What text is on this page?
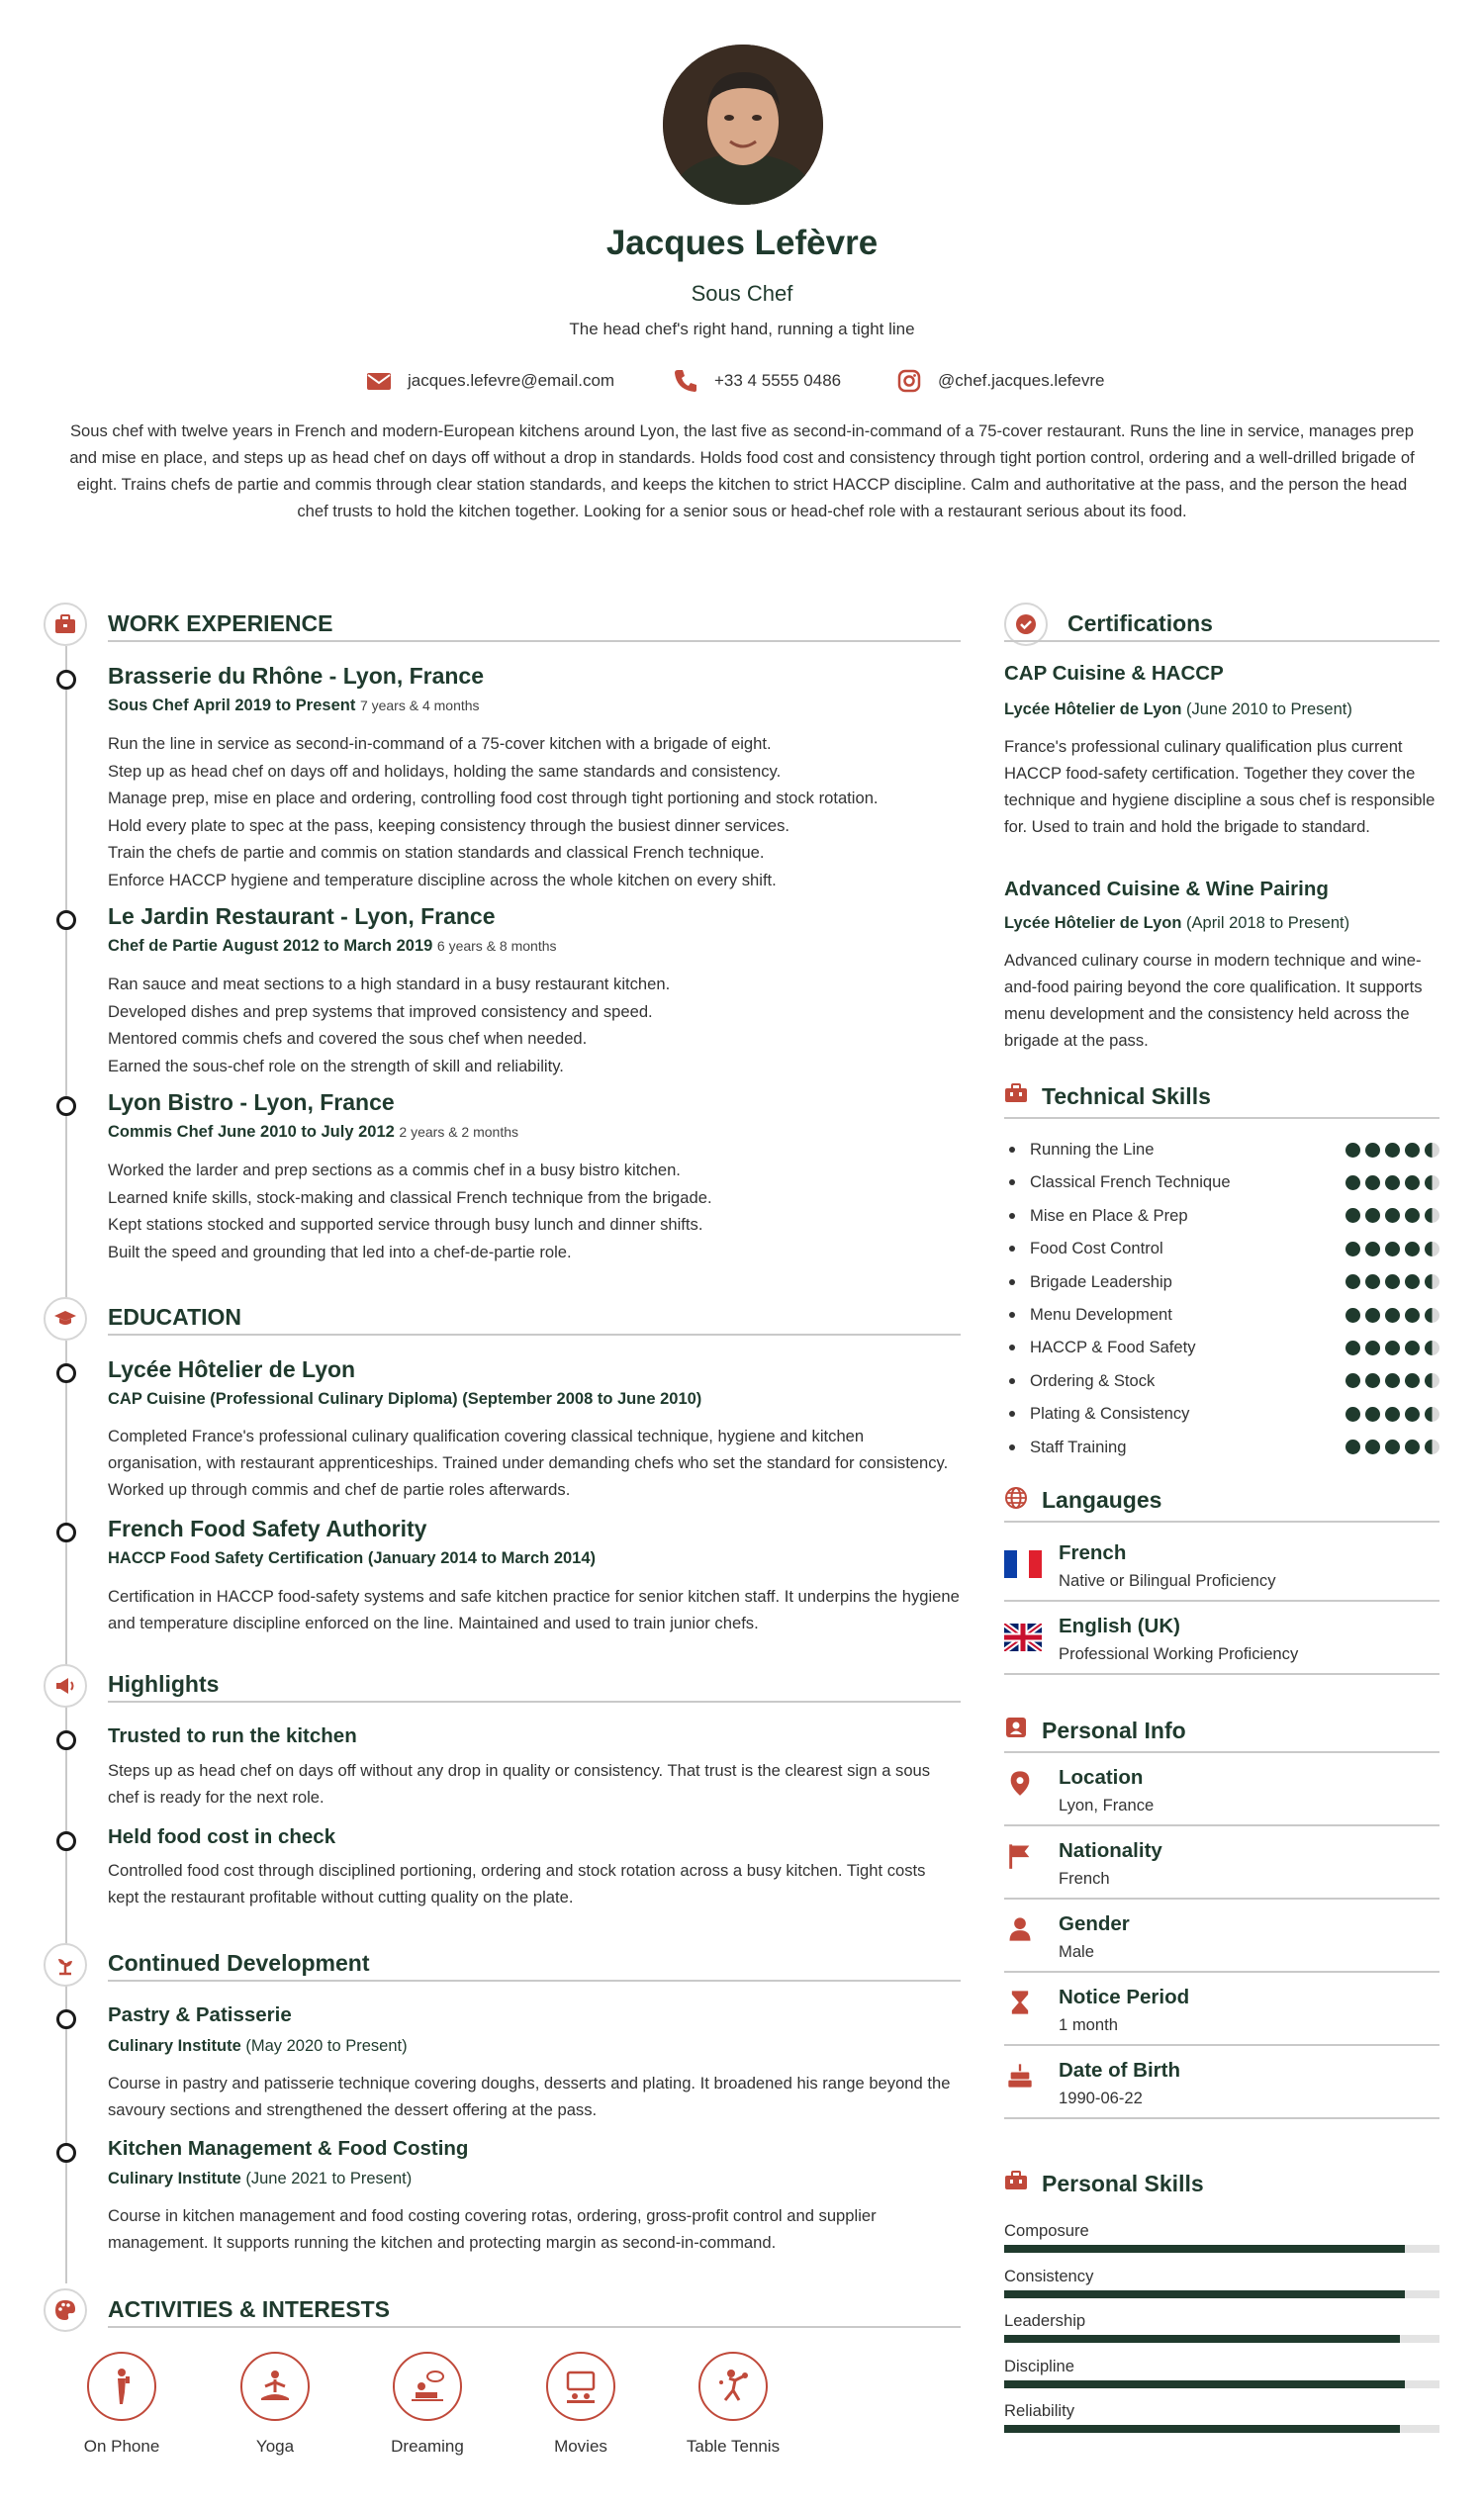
Jacques Lefèvre
Sous Chef
The head chef's right hand, running a tight line
jacques.lefevre@email.com	+33 4 5555 0486	@chef.jacques.lefevre
Sous chef with twelve years in French and modern-European kitchens around Lyon, the last five as second-in-command of a 75-cover restaurant. Runs the line in service, manages prep and mise en place, and steps up as head chef on days off without a drop in standards. Holds food cost and consistency through tight portion control, ordering and a well-drilled brigade of eight. Trains chefs de partie and commis through clear station standards, and keeps the kitchen to strict HACCP discipline. Calm and authoritative at the pass, and the person the head chef trusts to hold the kitchen together. Looking for a senior sous or head-chef role with a restaurant serious about its food.
WORK EXPERIENCE
Brasserie du Rhône - Lyon, France
Sous Chef April 2019 to Present 7 years & 4 months
Run the line in service as second-in-command of a 75-cover kitchen with a brigade of eight.
Step up as head chef on days off and holidays, holding the same standards and consistency.
Manage prep, mise en place and ordering, controlling food cost through tight portioning and stock rotation.
Hold every plate to spec at the pass, keeping consistency through the busiest dinner services.
Train the chefs de partie and commis on station standards and classical French technique.
Enforce HACCP hygiene and temperature discipline across the whole kitchen on every shift.
Le Jardin Restaurant - Lyon, France
Chef de Partie August 2012 to March 2019 6 years & 8 months
Ran sauce and meat sections to a high standard in a busy restaurant kitchen.
Developed dishes and prep systems that improved consistency and speed.
Mentored commis chefs and covered the sous chef when needed.
Earned the sous-chef role on the strength of skill and reliability.
Lyon Bistro - Lyon, France
Commis Chef June 2010 to July 2012 2 years & 2 months
Worked the larder and prep sections as a commis chef in a busy bistro kitchen.
Learned knife skills, stock-making and classical French technique from the brigade.
Kept stations stocked and supported service through busy lunch and dinner shifts.
Built the speed and grounding that led into a chef-de-partie role.
EDUCATION
Lycée Hôtelier de Lyon
CAP Cuisine (Professional Culinary Diploma) (September 2008 to June 2010)
Completed France's professional culinary qualification covering classical technique, hygiene and kitchen organisation, with restaurant apprenticeships. Trained under demanding chefs who set the standard for consistency. Worked up through commis and chef de partie roles afterwards.
French Food Safety Authority
HACCP Food Safety Certification (January 2014 to March 2014)
Certification in HACCP food-safety systems and safe kitchen practice for senior kitchen staff. It underpins the hygiene and temperature discipline enforced on the line. Maintained and used to train junior chefs.
Highlights
Trusted to run the kitchen
Steps up as head chef on days off without any drop in quality or consistency. That trust is the clearest sign a sous chef is ready for the next role.
Held food cost in check
Controlled food cost through disciplined portioning, ordering and stock rotation across a busy kitchen. Tight costs kept the restaurant profitable without cutting quality on the plate.
Continued Development
Pastry & Patisserie
Culinary Institute (May 2020 to Present)
Course in pastry and patisserie technique covering doughs, desserts and plating. It broadened his range beyond the savoury sections and strengthened the dessert offering at the pass.
Kitchen Management & Food Costing
Culinary Institute (June 2021 to Present)
Course in kitchen management and food costing covering rotas, ordering, gross-profit control and supplier management. It supports running the kitchen and protecting margin as second-in-command.
ACTIVITIES & INTERESTS
On Phone	Yoga	Dreaming	Movies	Table Tennis
Certifications
CAP Cuisine & HACCP
Lycée Hôtelier de Lyon (June 2010 to Present)
France's professional culinary qualification plus current HACCP food-safety certification. Together they cover the technique and hygiene discipline a sous chef is responsible for. Used to train and hold the brigade to standard.
Advanced Cuisine & Wine Pairing
Lycée Hôtelier de Lyon (April 2018 to Present)
Advanced culinary course in modern technique and wine-and-food pairing beyond the core qualification. It supports menu development and the consistency held across the brigade at the pass.
Technical Skills
Running the Line
Classical French Technique
Mise en Place & Prep
Food Cost Control
Brigade Leadership
Menu Development
HACCP & Food Safety
Ordering & Stock
Plating & Consistency
Staff Training
Langauges
French
Native or Bilingual Proficiency
English (UK)
Professional Working Proficiency
Personal Info
Location
Lyon, France
Nationality
French
Gender
Male
Notice Period
1 month
Date of Birth
1990-06-22
Personal Skills
Composure
Consistency
Leadership
Discipline
Reliability
